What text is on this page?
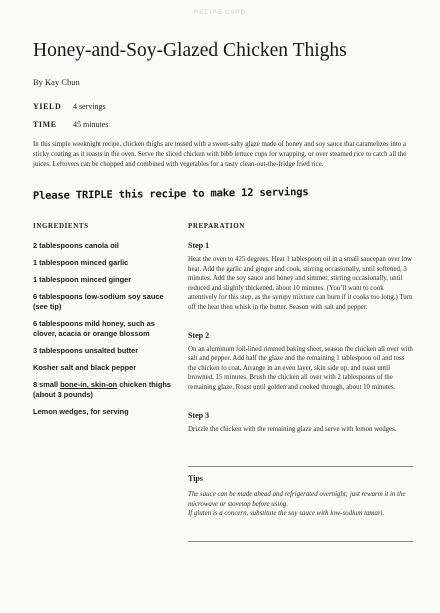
RECIPE CARD
Honey-and-Soy-Glazed Chicken Thighs
By Kay Chun
YIELD 4 servings
TIME 45 minutes
In this simple weeknight recipe, chicken thighs are tossed with a sweet-salty glaze made of honey and soy sauce that caramelizes into a sticky coating as it roasts in the oven. Serve the sliced chicken with bibb lettuce cups for wrapping, or over steamed rice to catch all the juices. Leftovers can be chopped and combined with vegetables for a tasty clean-out-the-fridge fried rice.
Please TRIPLE this recipe to make 12 servings
INGREDIENTS
2 tablespoons canola oil
1 tablespoon minced garlic
1 tablespoon minced ginger
6 tablespoons low-sodium soy sauce (see tip)
6 tablespoons mild honey, such as clover, acacia or orange blossom
3 tablespoons unsalted butter
Kosher salt and black pepper
8 small bone-in, skin-on chicken thighs (about 3 pounds)
Lemon wedges, for serving
PREPARATION
Step 1
Heat the oven to 425 degrees. Heat 1 tablespoon oil in a small saucepan over low heat. Add the garlic and ginger and cook, stirring occasionally, until softened, 3 minutes. Add the soy sauce and honey and simmer, stirring occasionally, until reduced and slightly thickened, about 10 minutes. (You’ll want to cook attentively for this step, as the syrupy mixture can burn if it cooks too long.) Turn off the heat then whisk in the butter. Season with salt and pepper.
Step 2
On an aluminum foil-lined rimmed baking sheet, season the chicken all over with salt and pepper. Add half the glaze and the remaining 1 tablespoon oil and toss the chicken to coat. Arrange in an even layer, skin side up, and roast until browned, 15 minutes. Brush the chicken all over with 2 tablespoons of the remaining glaze. Roast until golden and cooked through, about 10 minutes.
Step 3
Drizzle the chicken with the remaining glaze and serve with lemon wedges.
Tips
The sauce can be made ahead and refrigerated overnight; just rewarm it in the microwave or stovetop before using.
If gluten is a concern, substitute the soy sauce with low-sodium tamari.
